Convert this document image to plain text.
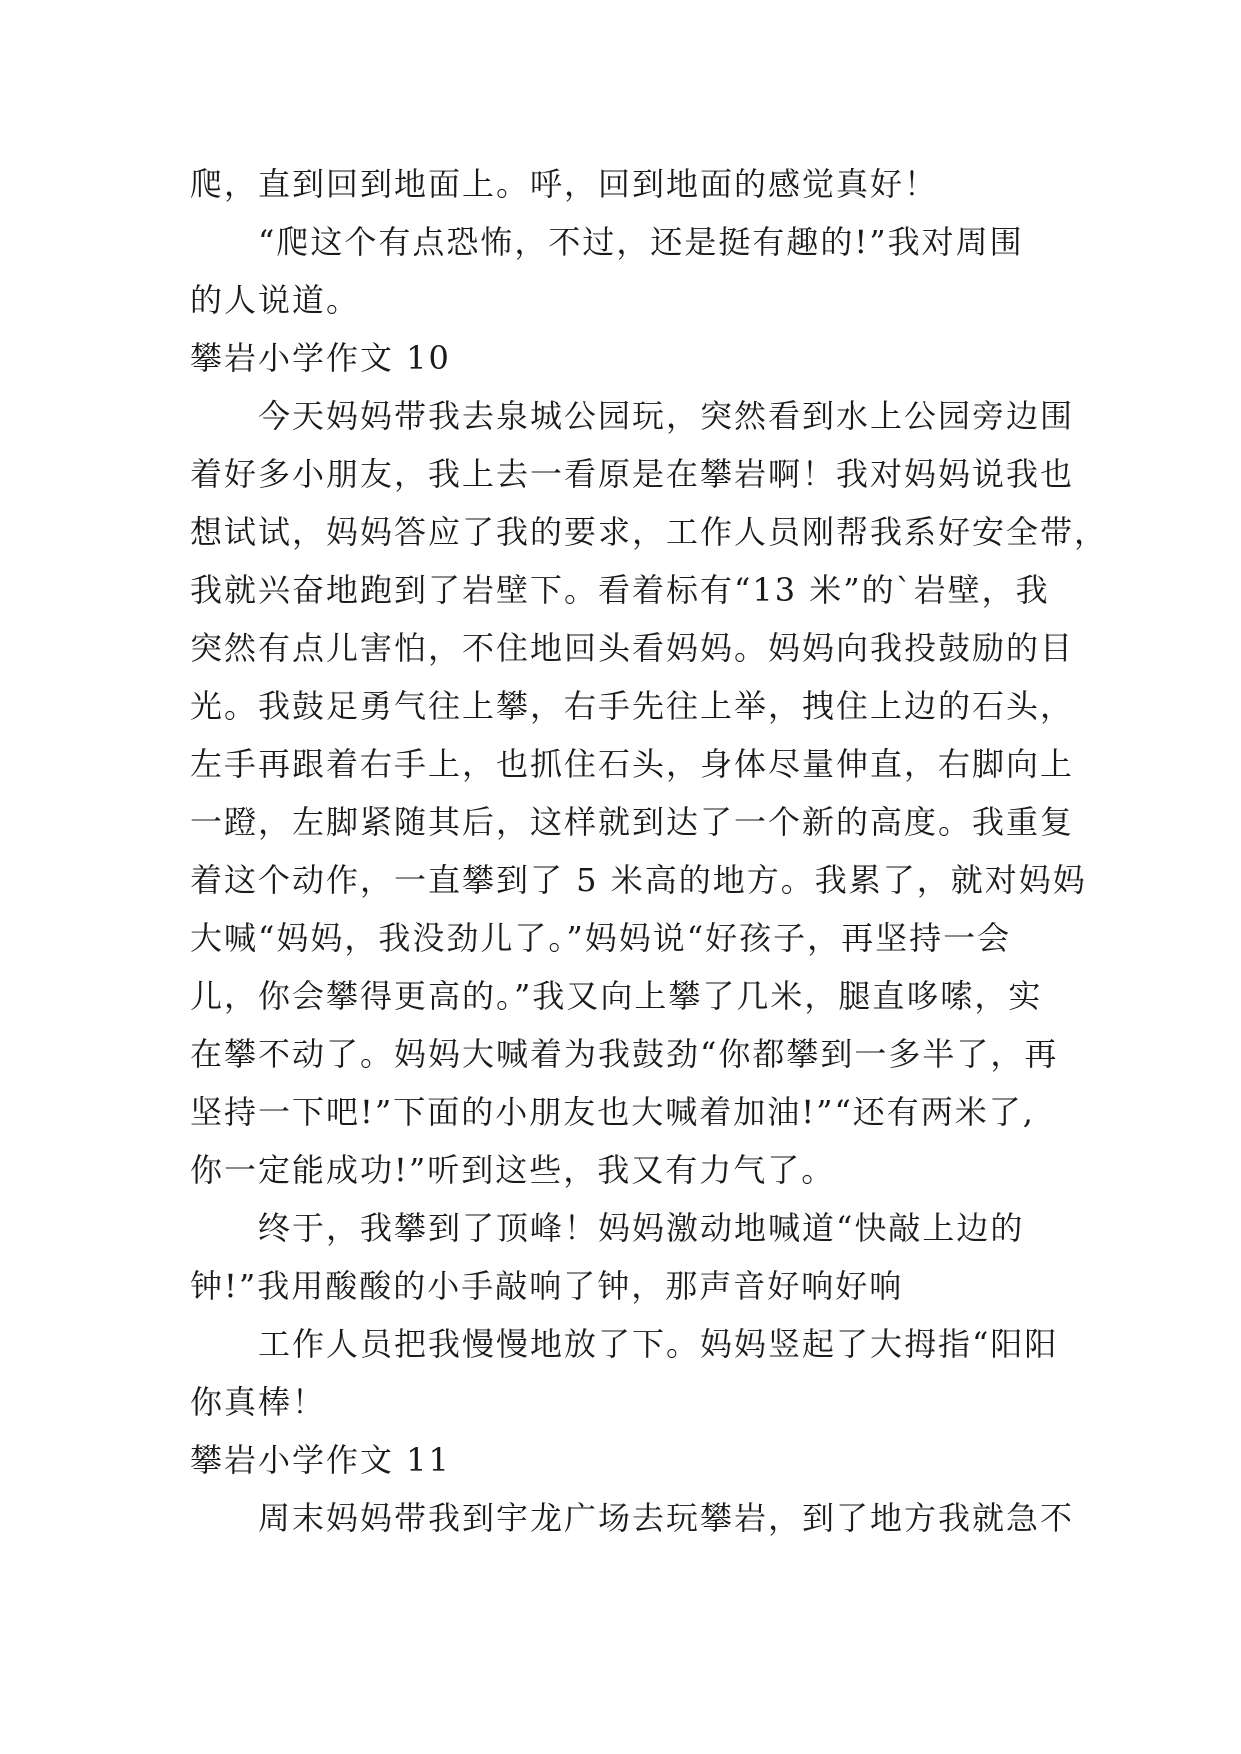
爬，直到回到地面上。呼，回到地面的感觉真好！
“爬这个有点恐怖，不过，还是挺有趣的!”我对周围
的人说道。
攀岩小学作文 10
今天妈妈带我去泉城公园玩，突然看到水上公园旁边围
着好多小朋友，我上去一看原是在攀岩啊！我对妈妈说我也
想试试，妈妈答应了我的要求，工作人员刚帮我系好安全带，
我就兴奋地跑到了岩壁下。看着标有“13 米”的`岩壁，我
突然有点儿害怕，不住地回头看妈妈。妈妈向我投鼓励的目
光。我鼓足勇气往上攀，右手先往上举，拽住上边的石头，
左手再跟着右手上，也抓住石头，身体尽量伸直，右脚向上
一蹬，左脚紧随其后，这样就到达了一个新的高度。我重复
着这个动作，一直攀到了 5 米高的地方。我累了，就对妈妈
大喊“妈妈，我没劲儿了。”妈妈说“好孩子，再坚持一会
儿，你会攀得更高的。”我又向上攀了几米，腿直哆嗦，实
在攀不动了。妈妈大喊着为我鼓劲“你都攀到一多半了，再
坚持一下吧!”下面的小朋友也大喊着加油!”“还有两米了,
你一定能成功!”听到这些，我又有力气了。
终于，我攀到了顶峰！妈妈激动地喊道“快敲上边的
钟!”我用酸酸的小手敲响了钟，那声音好响好响
工作人员把我慢慢地放了下。妈妈竖起了大拇指“阳阳
你真棒！
攀岩小学作文 11
周末妈妈带我到宇龙广场去玩攀岩，到了地方我就急不
